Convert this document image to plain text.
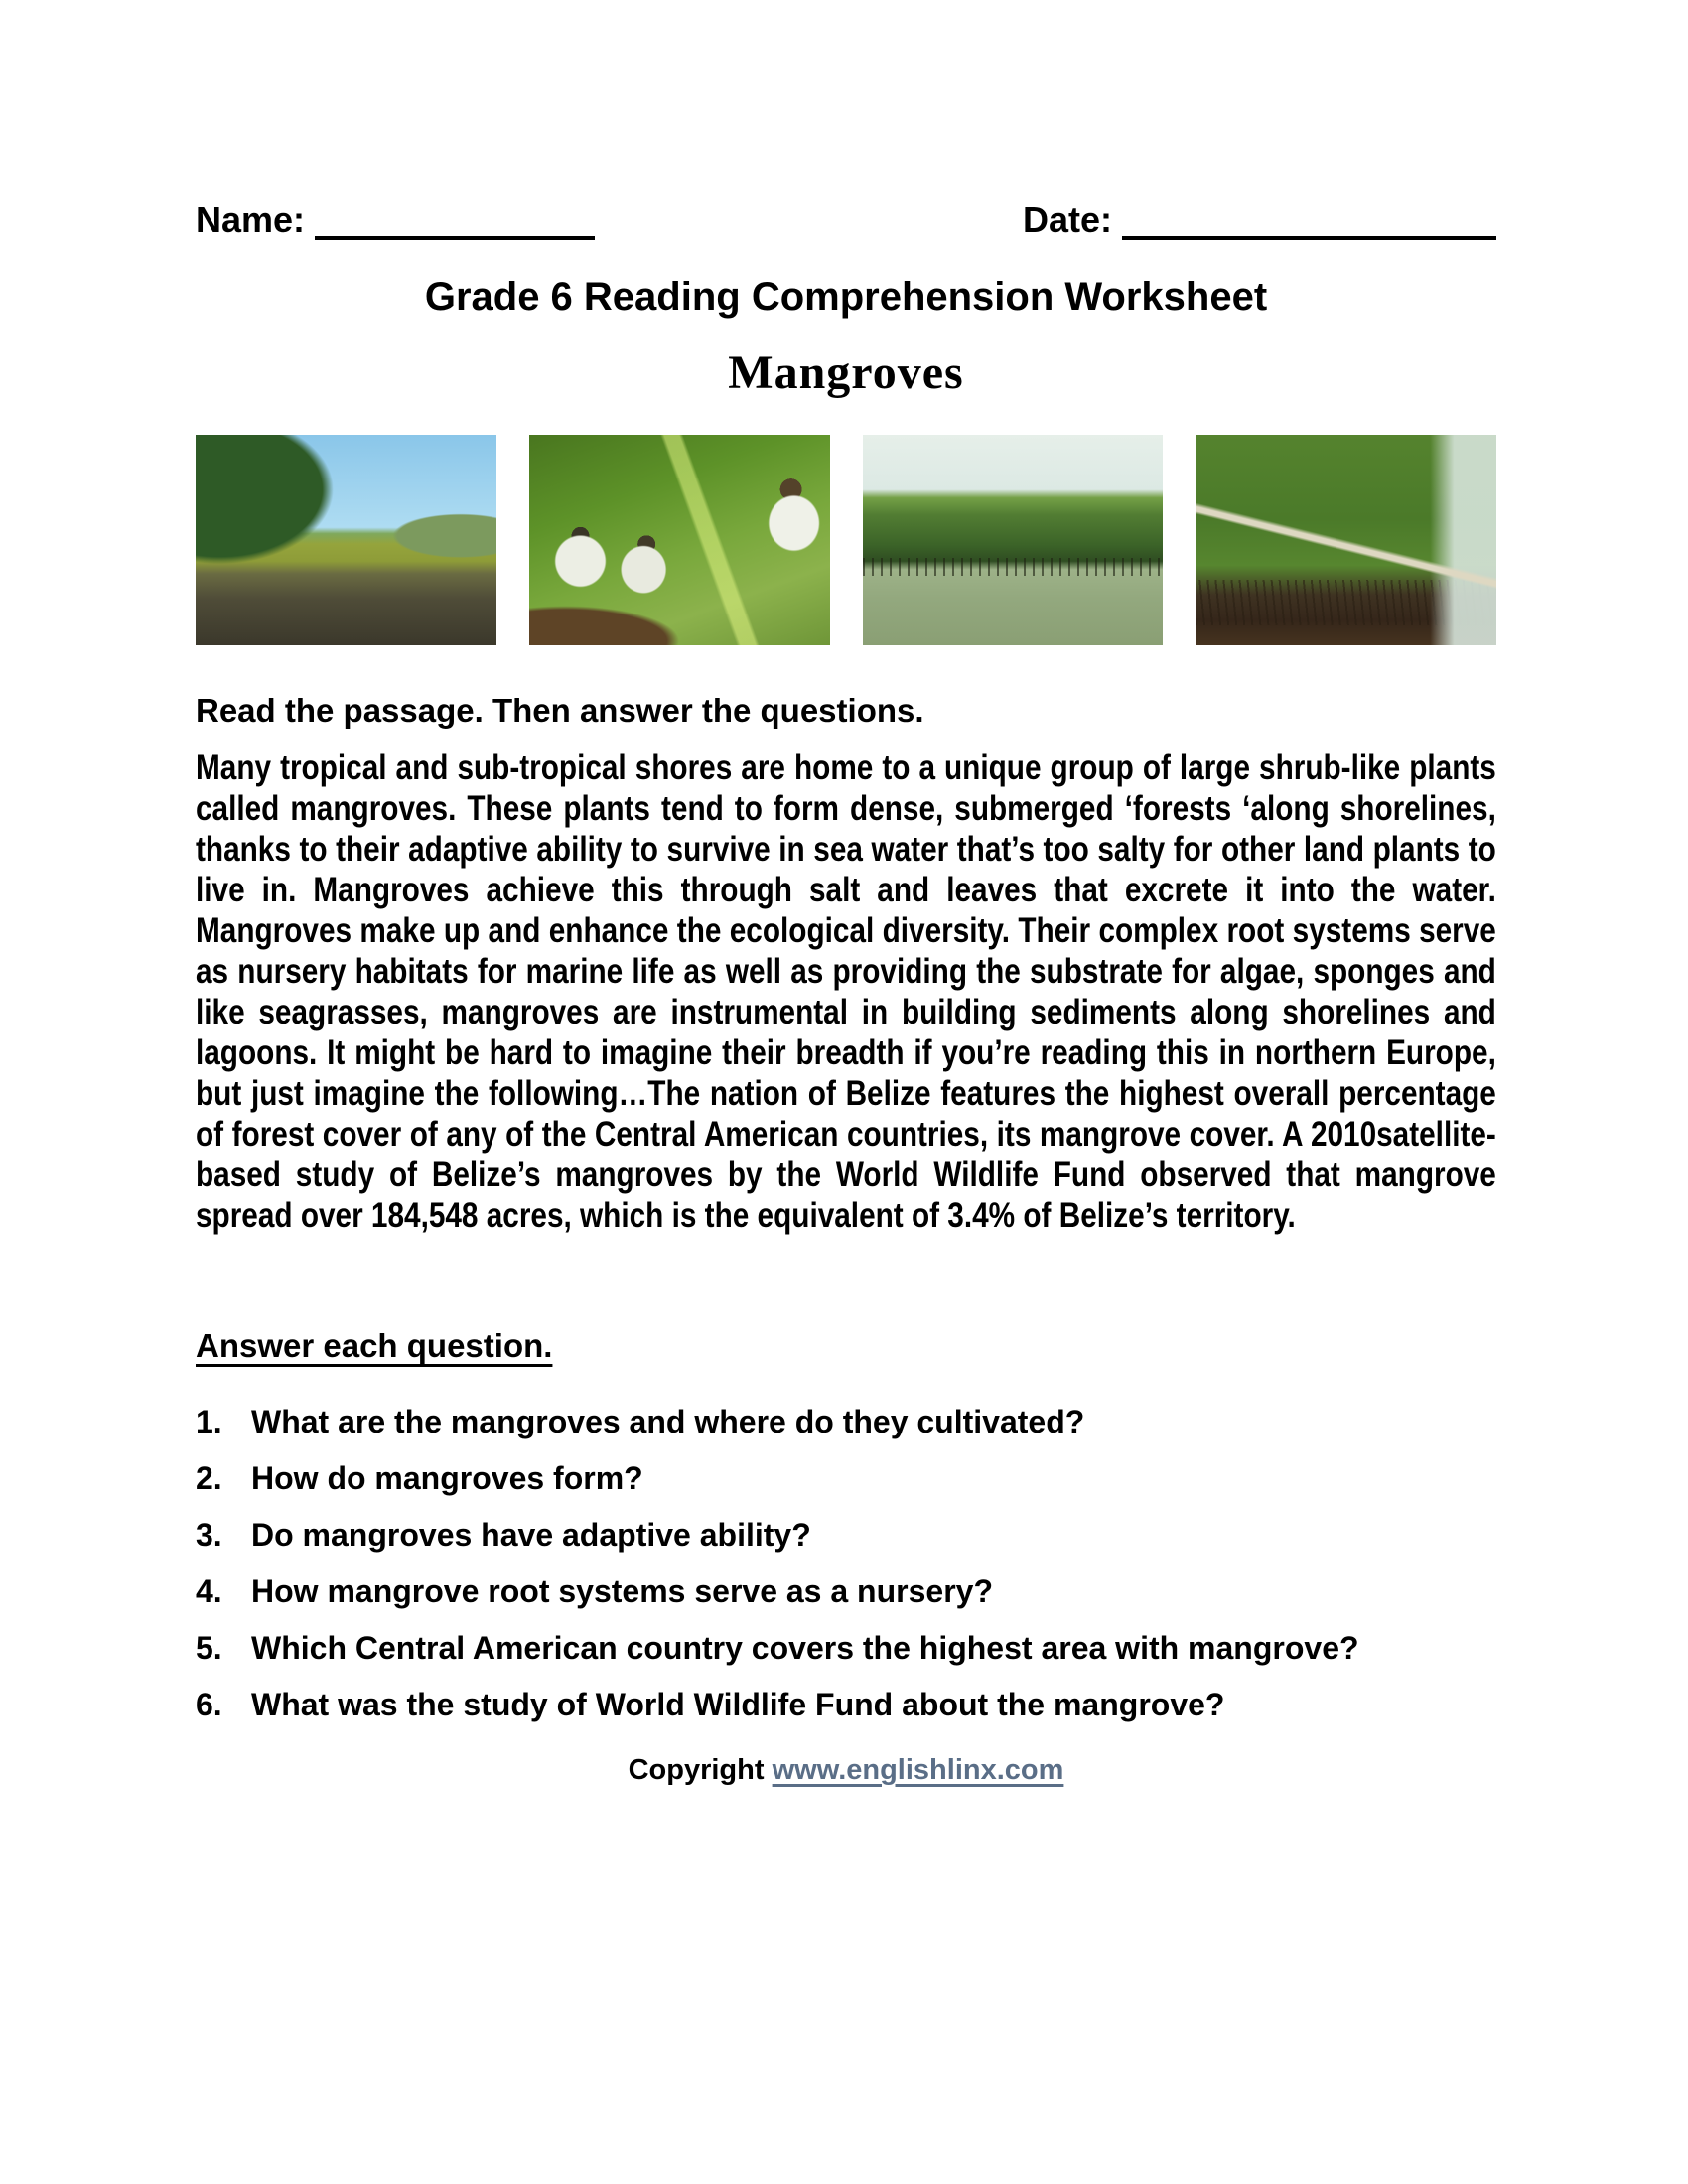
Name:	Date:
Grade 6 Reading Comprehension Worksheet
Mangroves
Read the passage. Then answer the questions.
Many tropical and sub-tropical shores are home to a unique group of large shrub-like plants called mangroves. These plants tend to form dense, submerged ‘forests ‘along shorelines, thanks to their adaptive ability to survive in sea water that’s too salty for other land plants to live in. Mangroves achieve this through salt and leaves that excrete it into the water. Mangroves make up and enhance the ecological diversity. Their complex root systems serve as nursery habitats for marine life as well as providing the substrate for algae, sponges and like seagrasses, mangroves are instrumental in building sediments along shorelines and lagoons. It might be hard to imagine their breadth if you’re reading this in northern Europe, but just imagine the following…The nation of Belize features the highest overall percentage of forest cover of any of the Central American countries, its mangrove cover. A 2010satellite-based study of Belize’s mangroves by the World Wildlife Fund observed that mangrove spread over 184,548 acres, which is the equivalent of 3.4% of Belize’s territory.
Answer each question.
1. What are the mangroves and where do they cultivated?
2. How do mangroves form?
3. Do mangroves have adaptive ability?
4. How mangrove root systems serve as a nursery?
5. Which Central American country covers the highest area with mangrove?
6. What was the study of World Wildlife Fund about the mangrove?
Copyright www.englishlinx.com
